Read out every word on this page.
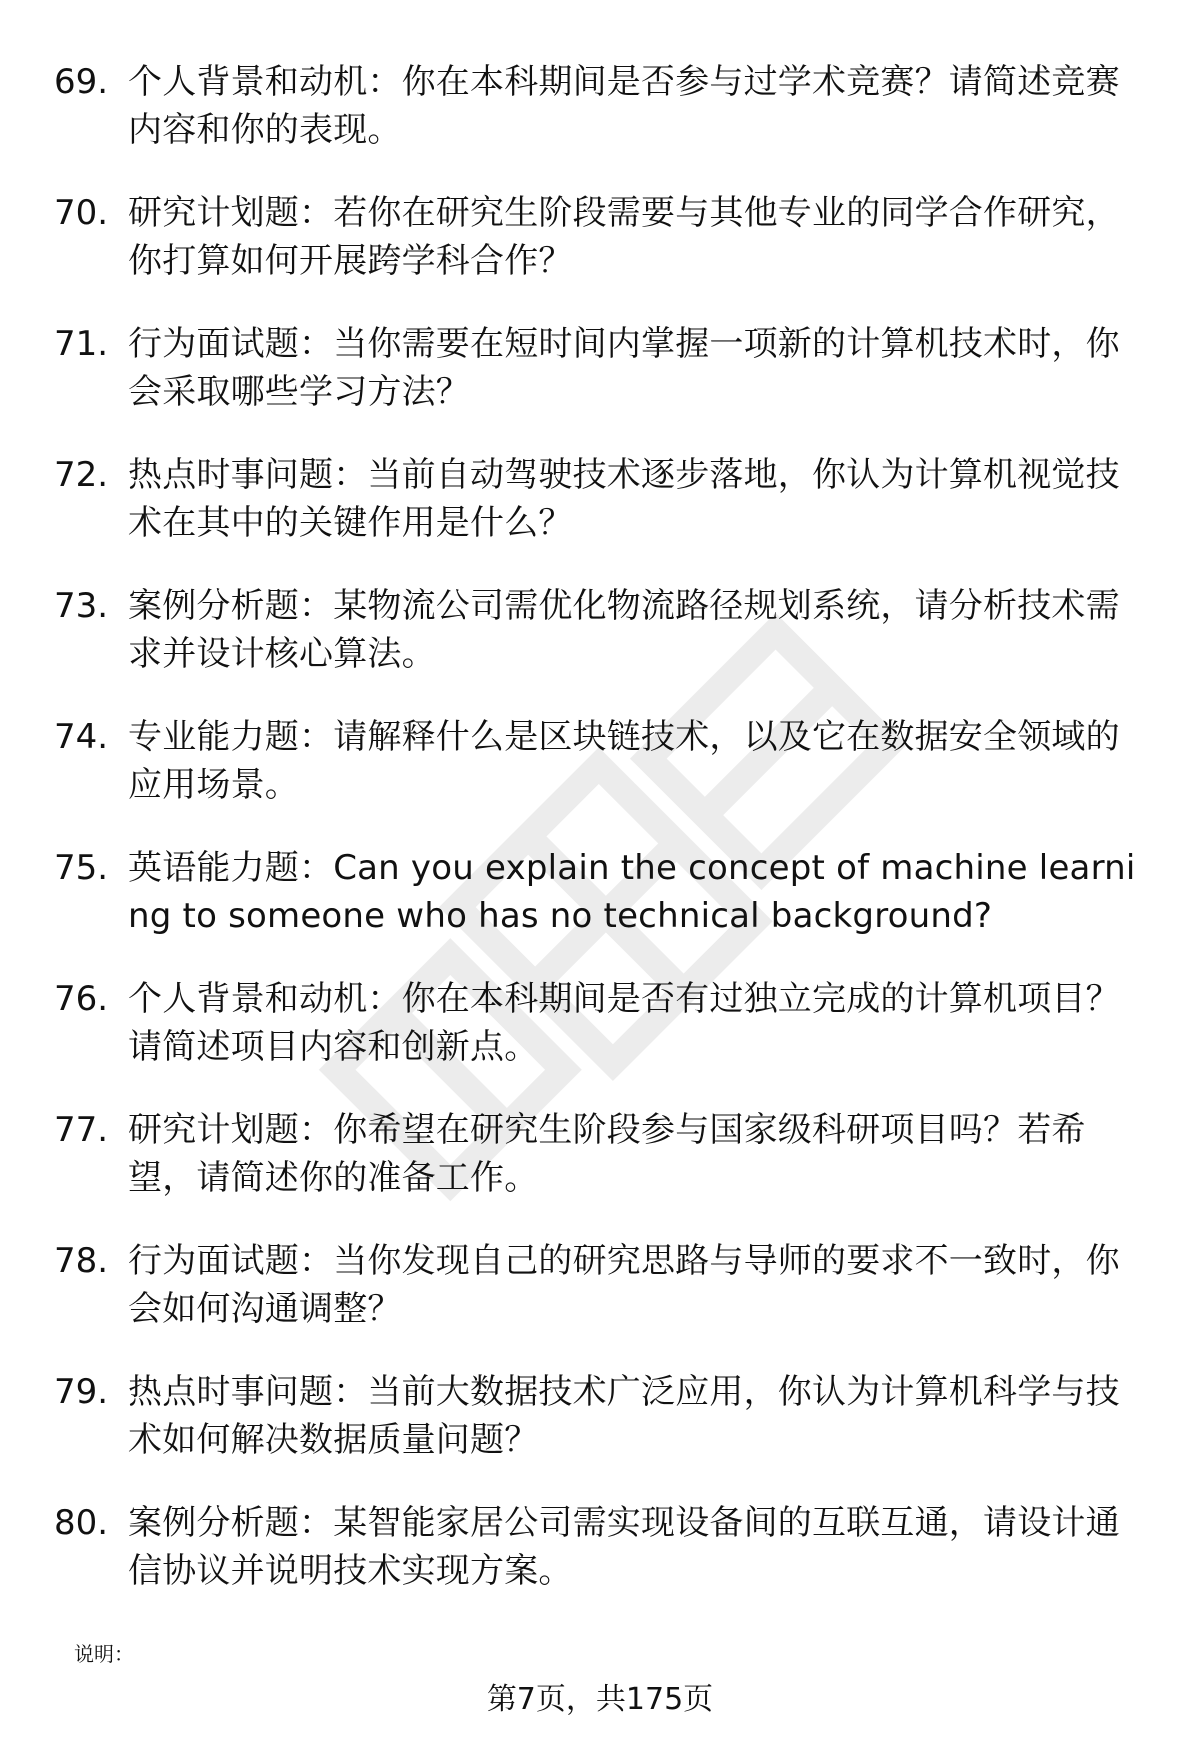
69. 个人背景和动机：你在本科期间是否参与过学术竞赛？请简述竞赛内容和你的表现。
70. 研究计划题：若你在研究生阶段需要与其他专业的同学合作研究，你打算如何开展跨学科合作？
71. 行为面试题：当你需要在短时间内掌握一项新的计算机技术时，你会采取哪些学习方法？
72. 热点时事问题：当前自动驾驶技术逐步落地，你认为计算机视觉技术在其中的关键作用是什么？
73. 案例分析题：某物流公司需优化物流路径规划系统，请分析技术需求并设计核心算法。
74. 专业能力题：请解释什么是区块链技术，以及它在数据安全领域的应用场景。
75. 英语能力题：Can you explain the concept of machine learning to someone who has no technical background?
76. 个人背景和动机：你在本科期间是否有过独立完成的计算机项目？请简述项目内容和创新点。
77. 研究计划题：你希望在研究生阶段参与国家级科研项目吗？若希望，请简述你的准备工作。
78. 行为面试题：当你发现自己的研究思路与导师的要求不一致时，你会如何沟通调整？
79. 热点时事问题：当前大数据技术广泛应用，你认为计算机科学与技术如何解决数据质量问题？
80. 案例分析题：某智能家居公司需实现设备间的互联互通，请设计通信协议并说明技术实现方案。
说明：
第7页，共175页
